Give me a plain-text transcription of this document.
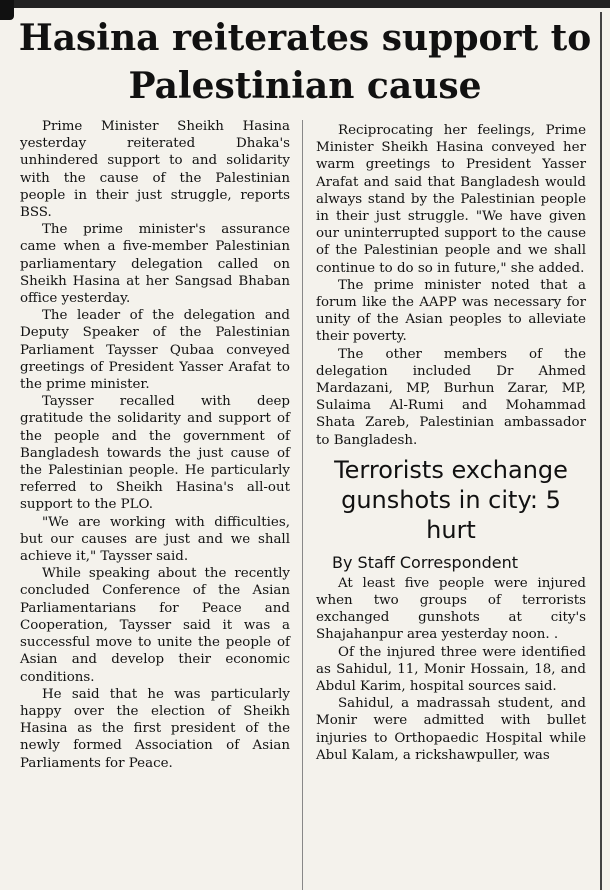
Hasina reiterates support to Palestinian cause

Prime Minister Sheikh Hasina yesterday reiterated Dhaka's unhindered support to and solidarity with the cause of the Palestinian people in their just struggle, reports BSS.

The prime minister's assurance came when a five-member Palestinian parliamentary delegation called on Sheikh Hasina at her Sangsad Bhaban office yesterday.

The leader of the delegation and Deputy Speaker of the Palestinian Parliament Taysser Qubaa conveyed greetings of President Yasser Arafat to the prime minister.

Taysser recalled with deep gratitude the solidarity and support of the people and the government of Bangladesh towards the just cause of the Palestinian people. He particularly referred to Sheikh Hasina's all-out support to the PLO.

"We are working with difficulties, but our causes are just and we shall achieve it," Taysser said.

While speaking about the recently concluded Conference of the Asian Parliamentarians for Peace and Cooperation, Taysser said it was a successful move to unite the people of Asian and develop their economic conditions.

He said that he was particularly happy over the election of Sheikh Hasina as the first president of the newly formed Association of Asian Parliaments for Peace.

Reciprocating her feelings, Prime Minister Sheikh Hasina conveyed her warm greetings to President Yasser Arafat and said that Bangladesh would always stand by the Palestinian people in their just struggle. "We have given our uninterrupted support to the cause of the Palestinian people and we shall continue to do so in future," she added.

The prime minister noted that a forum like the AAPP was necessary for unity of the Asian peoples to alleviate their poverty.

The other members of the delegation included Dr Ahmed Mardazani, MP, Burhun Zarar, MP, Sulaima Al-Rumi and Mohammad Shata Zareb, Palestinian ambassador to Bangladesh.

Terrorists exchange gunshots in city: 5 hurt
By Staff Correspondent

At least five people were injured when two groups of terrorists exchanged gunshots at city's Shajahanpur area yesterday noon. .

Of the injured three were identified as Sahidul, 11, Monir Hossain, 18, and Abdul Karim, hospital sources said.

Sahidul, a madrassah student, and Monir were admitted with bullet injuries to Orthopaedic Hospital while Abul Kalam, a rickshawpuller, was
